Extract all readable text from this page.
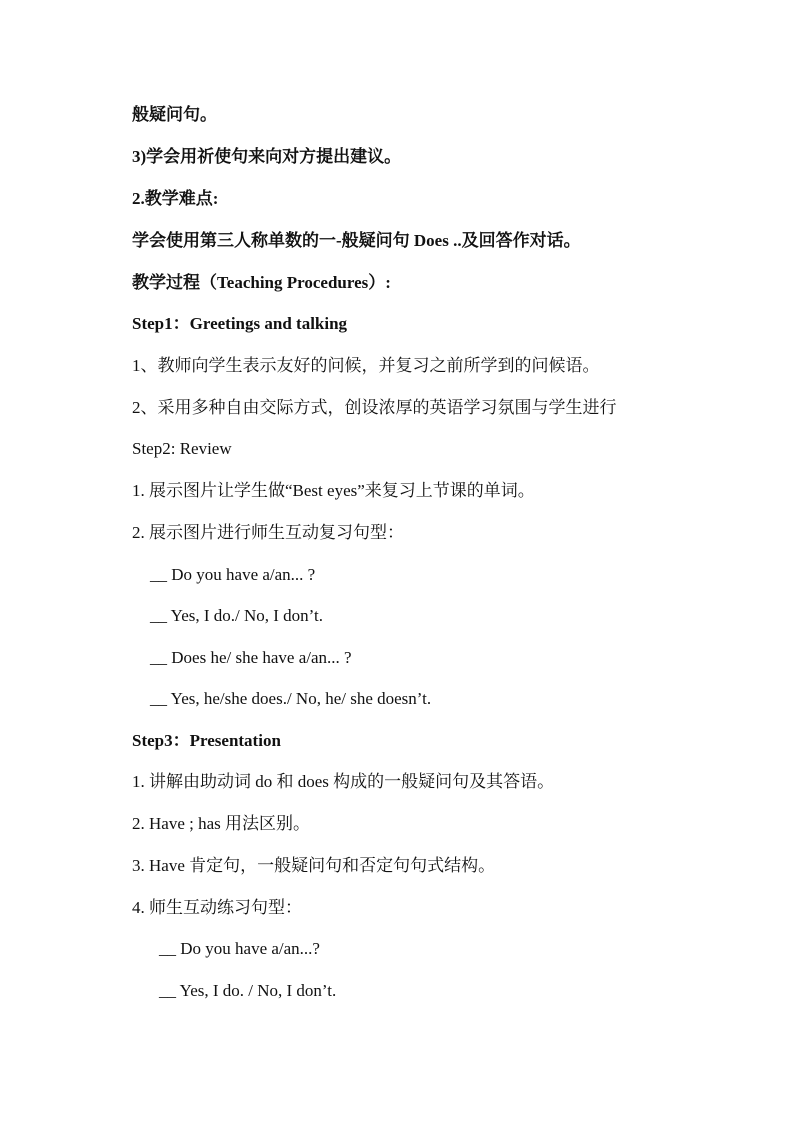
般疑问句。
3)学会用祈使句来向对方提出建议。
2.教学难点:
学会使用第三人称单数的一-般疑问句 Does ..及回答作对话。
教学过程（Teaching Procedures）:
Step1：Greetings and talking
1、教师向学生表示友好的问候，并复习之前所学到的问候语。
2、采用多种自由交际方式，创设浓厚的英语学习氛围与学生进行
Step2: Review
1. 展示图片让学生做“Best eyes”来复习上节课的单词。
2. 展示图片进行师生互动复习句型：
__ Do you have a/an... ?
__ Yes, I do./ No, I don’t.
__ Does he/ she have a/an... ?
__ Yes, he/she does./ No, he/ she doesn’t.
Step3：Presentation
1. 讲解由助动词 do 和 does 构成的一般疑问句及其答语。
2. Have ; has 用法区别。
3. Have 肯定句，一般疑问句和否定句句式结构。
4. 师生互动练习句型：
__ Do you have a/an...?
__ Yes, I do. / No, I don’t.
